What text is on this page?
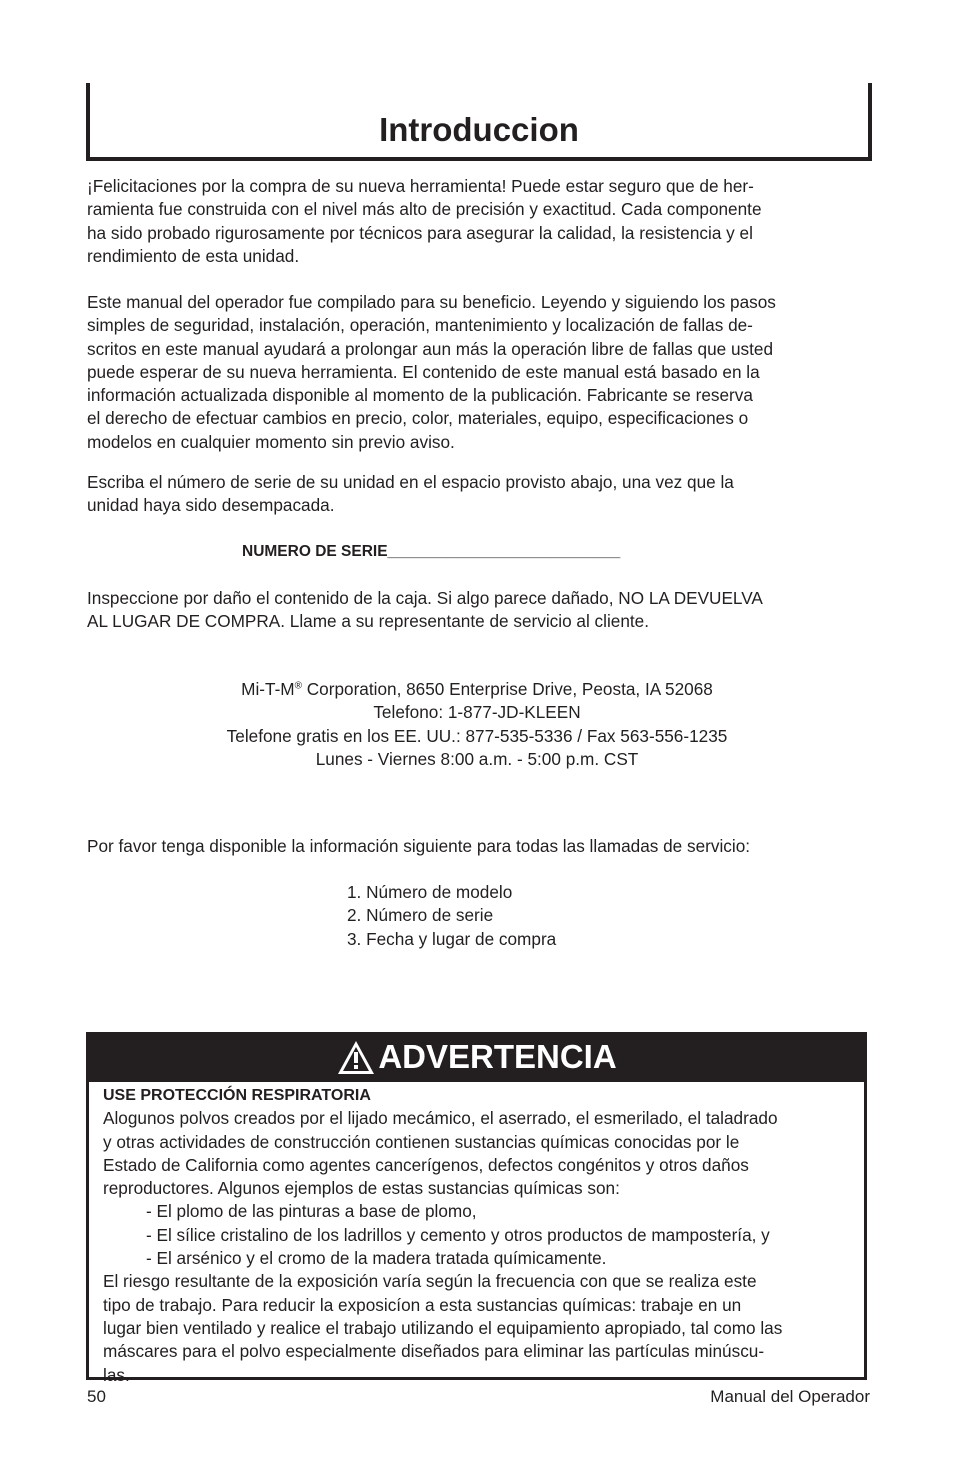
Introduccion
¡Felicitaciones por la compra de su nueva herramienta! Puede estar seguro que de her-
ramienta fue construida con el nivel más alto de precisión y exactitud. Cada componente
ha sido probado rigurosamente por técnicos para asegurar la calidad, la resistencia y el
rendimiento de esta unidad.
Este manual del operador fue compilado para su beneficio. Leyendo y siguiendo los pasos
simples de seguridad, instalación, operación, mantenimiento y localización de fallas de-
scritos en este manual ayudará a prolongar aun más la operación libre de fallas que usted
puede esperar de su nueva herramienta. El contenido de este manual está basado en la
información actualizada disponible al momento de la publicación. Fabricante se reserva
el derecho de efectuar cambios en precio, color, materiales, equipo, especificaciones o
modelos en cualquier momento sin previo aviso.
Escriba el número de serie de su unidad en el espacio provisto abajo, una vez que la
unidad haya sido desempacada.
NUMERO DE SERIE___________________________
Inspeccione por daño el contenido de la caja. Si algo parece dañado, NO LA DEVUELVA
AL LUGAR DE COMPRA. Llame a su representante de servicio al cliente.
Mi-T-M® Corporation, 8650 Enterprise Drive, Peosta, IA 52068
Telefono: 1-877-JD-KLEEN
Telefone gratis en los EE. UU.: 877-535-5336 / Fax 563-556-1235
Lunes - Viernes 8:00 a.m. - 5:00 p.m. CST
Por favor tenga disponible la información siguiente para todas las llamadas de servicio:
1. Número de modelo
2. Número de serie
3. Fecha y lugar de compra
ADVERTENCIA
USE PROTECCIÓN RESPIRATORIA
Alogunos polvos creados por el lijado mecámico, el aserrado, el esmerilado, el taladrado
y otras actividades de construcción contienen sustancias químicas conocidas por le
Estado de California como agentes cancerígenos, defectos congénitos y otros daños
reproductores. Algunos ejemplos de estas sustancias químicas son:
- El plomo de las pinturas a base de plomo,
- El sílice cristalino de los ladrillos y cemento y otros productos de mampostería, y
- El arsénico y el cromo de la madera tratada químicamente.
El riesgo resultante de la exposición varía según la frecuencia con que se realiza este
tipo de trabajo. Para reducir la exposicíon a esta sustancias químicas: trabaje en un
lugar bien ventilado y realice el trabajo utilizando el equipamiento apropiado, tal como las
máscares para el polvo especialmente diseñados para eliminar las partículas minúscu-
las.
50	Manual del Operador
